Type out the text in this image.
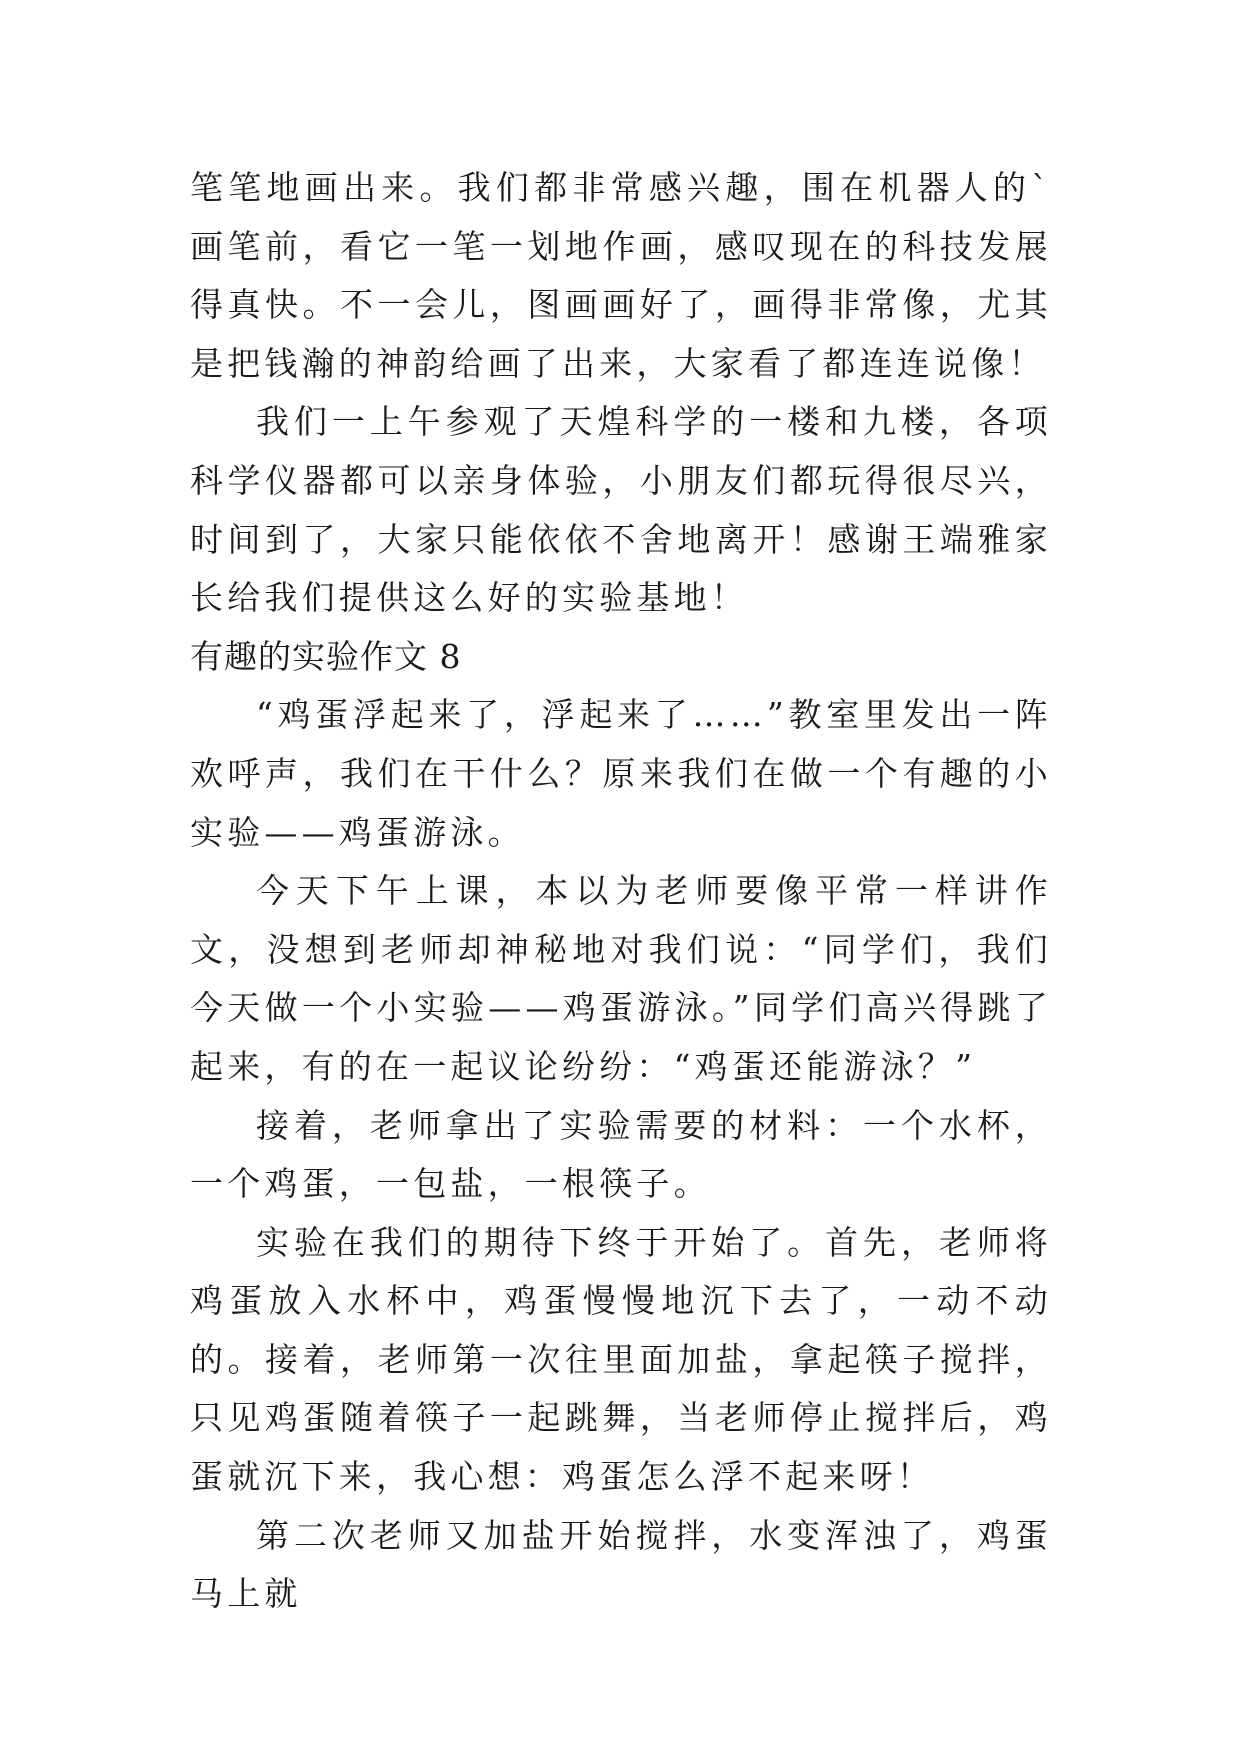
笔笔地画出来。我们都非常感兴趣，围在机器人的`画笔前，看它一笔一划地作画，感叹现在的科技发展得真快。不一会儿，图画画好了，画得非常像，尤其是把钱瀚的神韵给画了出来，大家看了都连连说像！

我们一上午参观了天煌科学的一楼和九楼，各项科学仪器都可以亲身体验，小朋友们都玩得很尽兴，时间到了，大家只能依依不舍地离开！感谢王端雅家长给我们提供这么好的实验基地！

有趣的实验作文 8

“鸡蛋浮起来了，浮起来了……”教室里发出一阵欢呼声，我们在干什么？原来我们在做一个有趣的小实验——鸡蛋游泳。

今天下午上课，本以为老师要像平常一样讲作文，没想到老师却神秘地对我们说：“同学们，我们今天做一个小实验——鸡蛋游泳。”同学们高兴得跳了起来，有的在一起议论纷纷：“鸡蛋还能游泳？”

接着，老师拿出了实验需要的材料：一个水杯，一个鸡蛋，一包盐，一根筷子。

实验在我们的期待下终于开始了。首先，老师将鸡蛋放入水杯中，鸡蛋慢慢地沉下去了，一动不动的。接着，老师第一次往里面加盐，拿起筷子搅拌，只见鸡蛋随着筷子一起跳舞，当老师停止搅拌后，鸡蛋就沉下来，我心想：鸡蛋怎么浮不起来呀！

第二次老师又加盐开始搅拌，水变浑浊了，鸡蛋马上就
